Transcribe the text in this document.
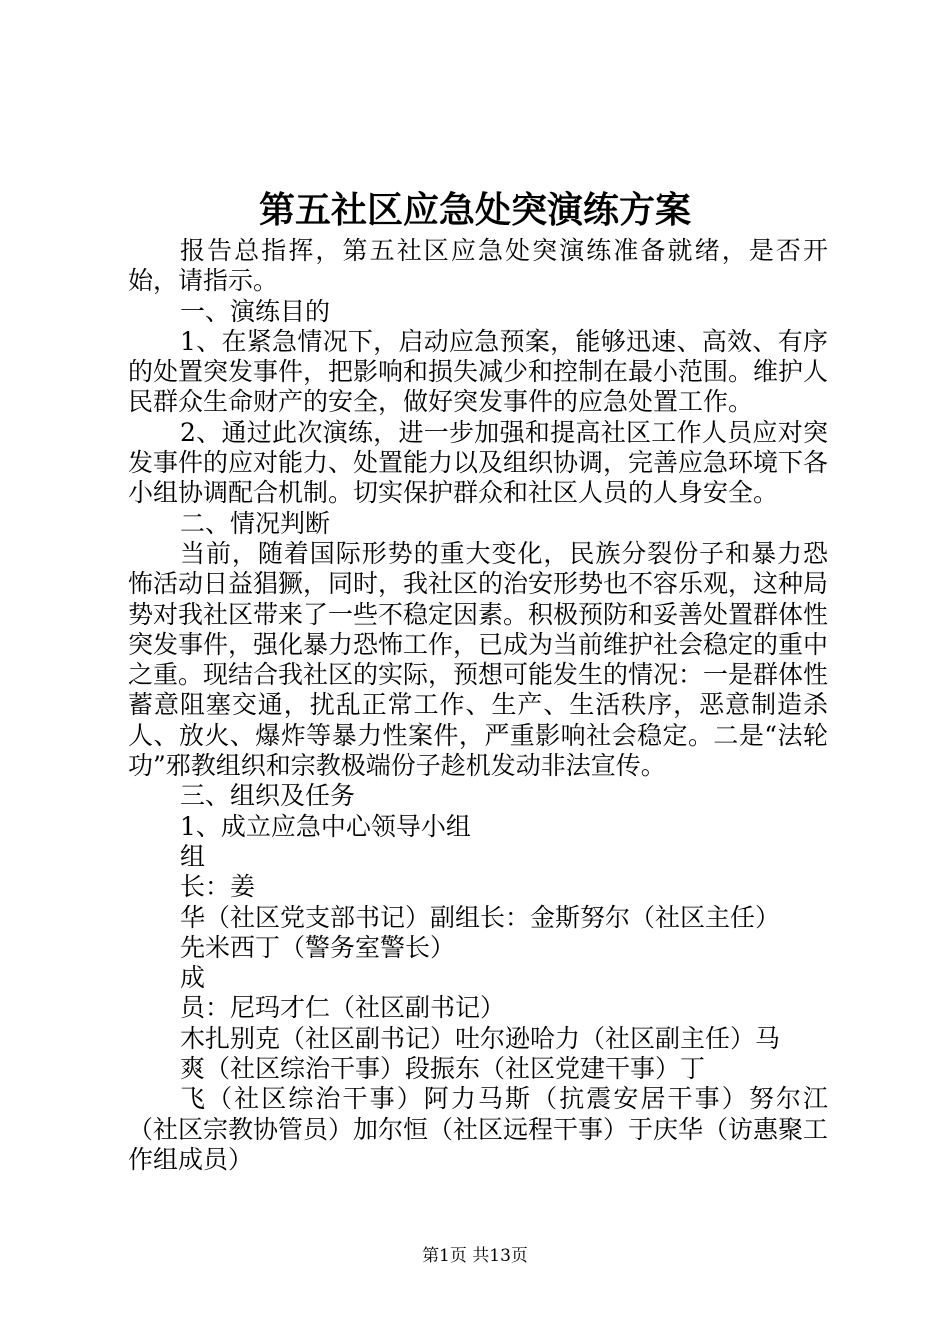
第五社区应急处突演练方案

报告总指挥，第五社区应急处突演练准备就绪，是否开始，请指示。

一、演练目的

1、在紧急情况下，启动应急预案，能够迅速、高效、有序的处置突发事件，把影响和损失减少和控制在最小范围。维护人民群众生命财产的安全，做好突发事件的应急处置工作。

2、通过此次演练，进一步加强和提高社区工作人员应对突发事件的应对能力、处置能力以及组织协调，完善应急环境下各小组协调配合机制。切实保护群众和社区人员的人身安全。

二、情况判断

当前，随着国际形势的重大变化，民族分裂份子和暴力恐怖活动日益猖獗，同时，我社区的治安形势也不容乐观，这种局势对我社区带来了一些不稳定因素。积极预防和妥善处置群体性突发事件，强化暴力恐怖工作，已成为当前维护社会稳定的重中之重。现结合我社区的实际，预想可能发生的情况：一是群体性蓄意阻塞交通，扰乱正常工作、生产、生活秩序，恶意制造杀人、放火、爆炸等暴力性案件，严重影响社会稳定。二是“法轮功”邪教组织和宗教极端份子趁机发动非法宣传。

三、组织及任务

1、成立应急中心领导小组

组

长：姜

华（社区党支部书记）副组长：金斯努尔（社区主任）

先米西丁（警务室警长）

成

员：尼玛才仁（社区副书记）

木扎别克（社区副书记）吐尔逊哈力（社区副主任）马

爽（社区综治干事）段振东（社区党建干事）丁

飞（社区综治干事）阿力马斯（抗震安居干事）努尔江（社区宗教协管员）加尔恒（社区远程干事）于庆华（访惠聚工作组成员）

第1页 共13页
